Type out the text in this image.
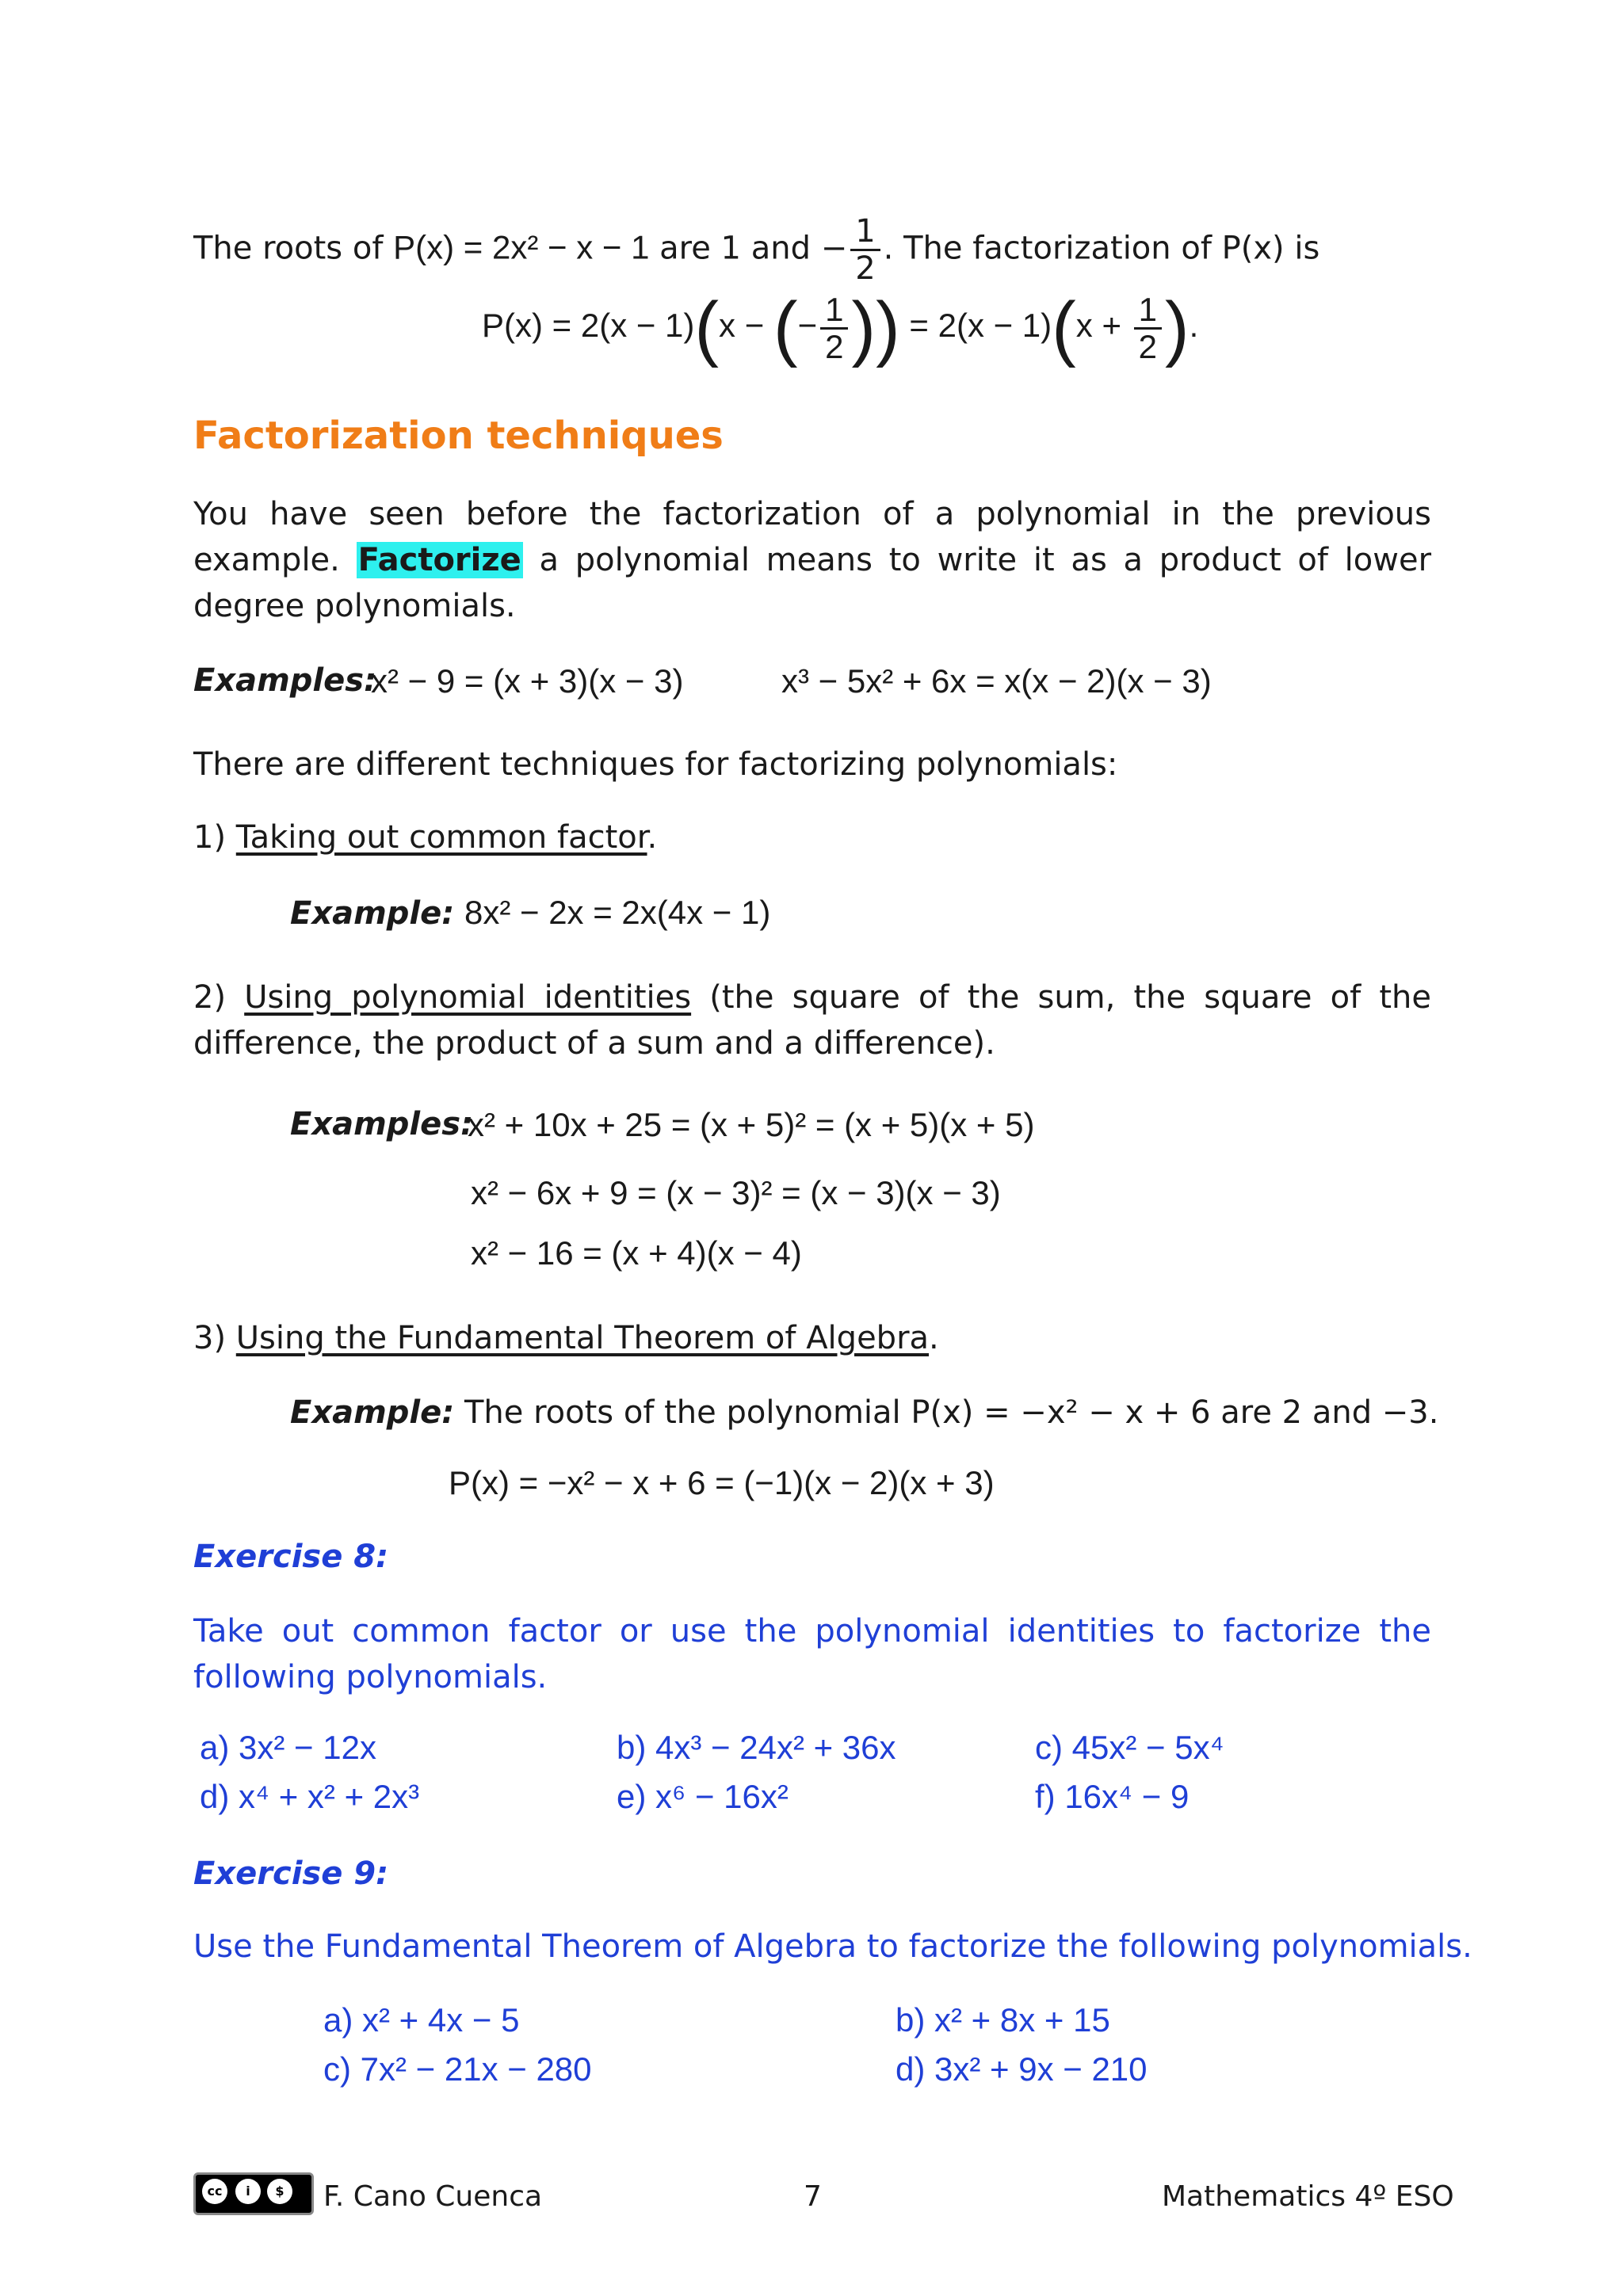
The roots of P(x) = 2x² − x − 1 are 1 and − $\frac{1}{2}$ . The factorization of P(x) is
P(x) = 2(x − 1)(x − (− $\frac{1}{2}$ )) = $2(x - 1)(x + \frac{1}{2}$ ).
Factorization techniques
You have seen before the factorization of a polynomial in the previous example. Factorize a polynomial means to write it as a product of lower degree polynomials.
Examples:
x² − 9 = (x + 3)(x − 3)	x³ − 5x² + 6x = x(x − 2)(x − 3)
There are different techniques for factorizing polynomials:
1) Taking out common factor.
Example: 8x² − 2x = 2x(4x − 1)
2) Using polynomial identities (the square of the sum, the square of the difference, the product of a sum and a difference).
Examples:
x² + 10x + 25 = (x + 5)² = (x + 5)(x + 5)
x² − 6x + 9 = (x − 3)² = (x − 3)(x − 3)
x² − 16 = (x + 4)(x − 4)
3) Using the Fundamental Theorem of Algebra.
Example: The roots of the polynomial P(x) = −x² − x + 6 are 2 and −3.
P(x) = −x² − x + 6 = (−1)(x − 2)(x + 3)
Exercise 8:
Take out common factor or use the polynomial identities to factorize the following polynomials.
a) 3x² − 12x	b) 4x³ − 24x² + 36x	c) 45x² − 5x⁴
d) x⁴ + x² + 2x³	e) x⁶ − 16x²	f) 16x⁴ − 9
Exercise 9:
Use the Fundamental Theorem of Algebra to factorize the following polynomials.
a) x² + 4x − 5	b) x² + 8x + 15
c) 7x² − 21x − 280	d) 3x² + 9x − 210
cc	i	$ F. Cano Cuenca	7	Mathematics 4º ESO
